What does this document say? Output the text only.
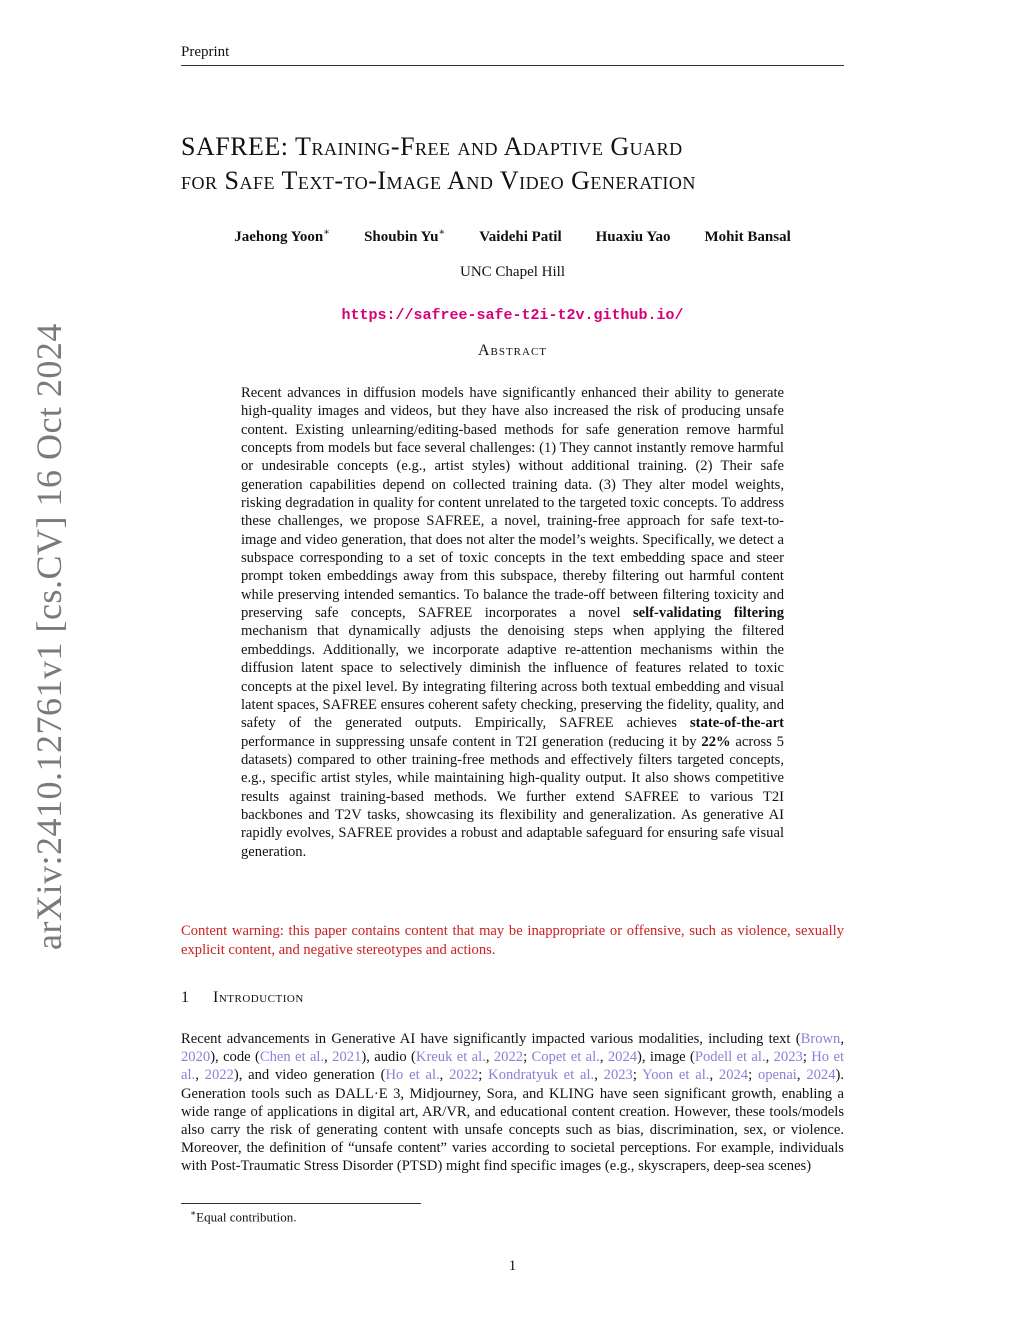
Preprint
arXiv:2410.12761v1 [cs.CV] 16 Oct 2024
SAFREE: Training-Free and Adaptive Guard
for Safe Text-to-Image And Video Generation
Jaehong Yoon∗ Shoubin Yu∗ Vaidehi Patil Huaxiu Yao Mohit Bansal
UNC Chapel Hill
https://safree-safe-t2i-t2v.github.io/
Abstract
Recent advances in diffusion models have significantly enhanced their ability to generate high-quality images and videos, but they have also increased the risk of producing unsafe content. Existing unlearning/editing-based methods for safe generation remove harmful concepts from models but face several challenges: (1) They cannot instantly remove harmful or undesirable concepts (e.g., artist styles) without additional training. (2) Their safe generation capabilities depend on collected training data. (3) They alter model weights, risking degradation in quality for content unrelated to the targeted toxic concepts. To address these challenges, we propose SAFREE, a novel, training-free approach for safe text-to-image and video generation, that does not alter the model’s weights. Specifically, we detect a subspace corresponding to a set of toxic concepts in the text embedding space and steer prompt token embeddings away from this subspace, thereby filtering out harmful content while preserving intended semantics. To balance the trade-off between filtering toxicity and preserving safe concepts, SAFREE incorporates a novel self-validating filtering mechanism that dynamically adjusts the denoising steps when applying the filtered embeddings. Additionally, we incorporate adaptive re-attention mechanisms within the diffusion latent space to selectively diminish the influence of features related to toxic concepts at the pixel level. By integrating filtering across both textual embedding and visual latent spaces, SAFREE ensures coherent safety checking, preserving the fidelity, quality, and safety of the generated outputs. Empirically, SAFREE achieves state-of-the-art performance in suppressing unsafe content in T2I generation (reducing it by 22% across 5 datasets) compared to other training-free methods and effectively filters targeted concepts, e.g., specific artist styles, while maintaining high-quality output. It also shows competitive results against training-based methods. We further extend SAFREE to various T2I backbones and T2V tasks, showcasing its flexibility and generalization. As generative AI rapidly evolves, SAFREE provides a robust and adaptable safeguard for ensuring safe visual generation.
Content warning: this paper contains content that may be inappropriate or offensive, such as violence, sexually explicit content, and negative stereotypes and actions.
1 Introduction
Recent advancements in Generative AI have significantly impacted various modalities, including text (Brown, 2020), code (Chen et al., 2021), audio (Kreuk et al., 2022; Copet et al., 2024), image (Podell et al., 2023; Ho et al., 2022), and video generation (Ho et al., 2022; Kondratyuk et al., 2023; Yoon et al., 2024; openai, 2024). Generation tools such as DALL·E 3, Midjourney, Sora, and KLING have seen significant growth, enabling a wide range of applications in digital art, AR/VR, and educational content creation. However, these tools/models also carry the risk of generating content with unsafe concepts such as bias, discrimination, sex, or violence. Moreover, the definition of “unsafe content” varies according to societal perceptions. For example, individuals with Post-Traumatic Stress Disorder (PTSD) might find specific images (e.g., skyscrapers, deep-sea scenes)
∗Equal contribution.
1
